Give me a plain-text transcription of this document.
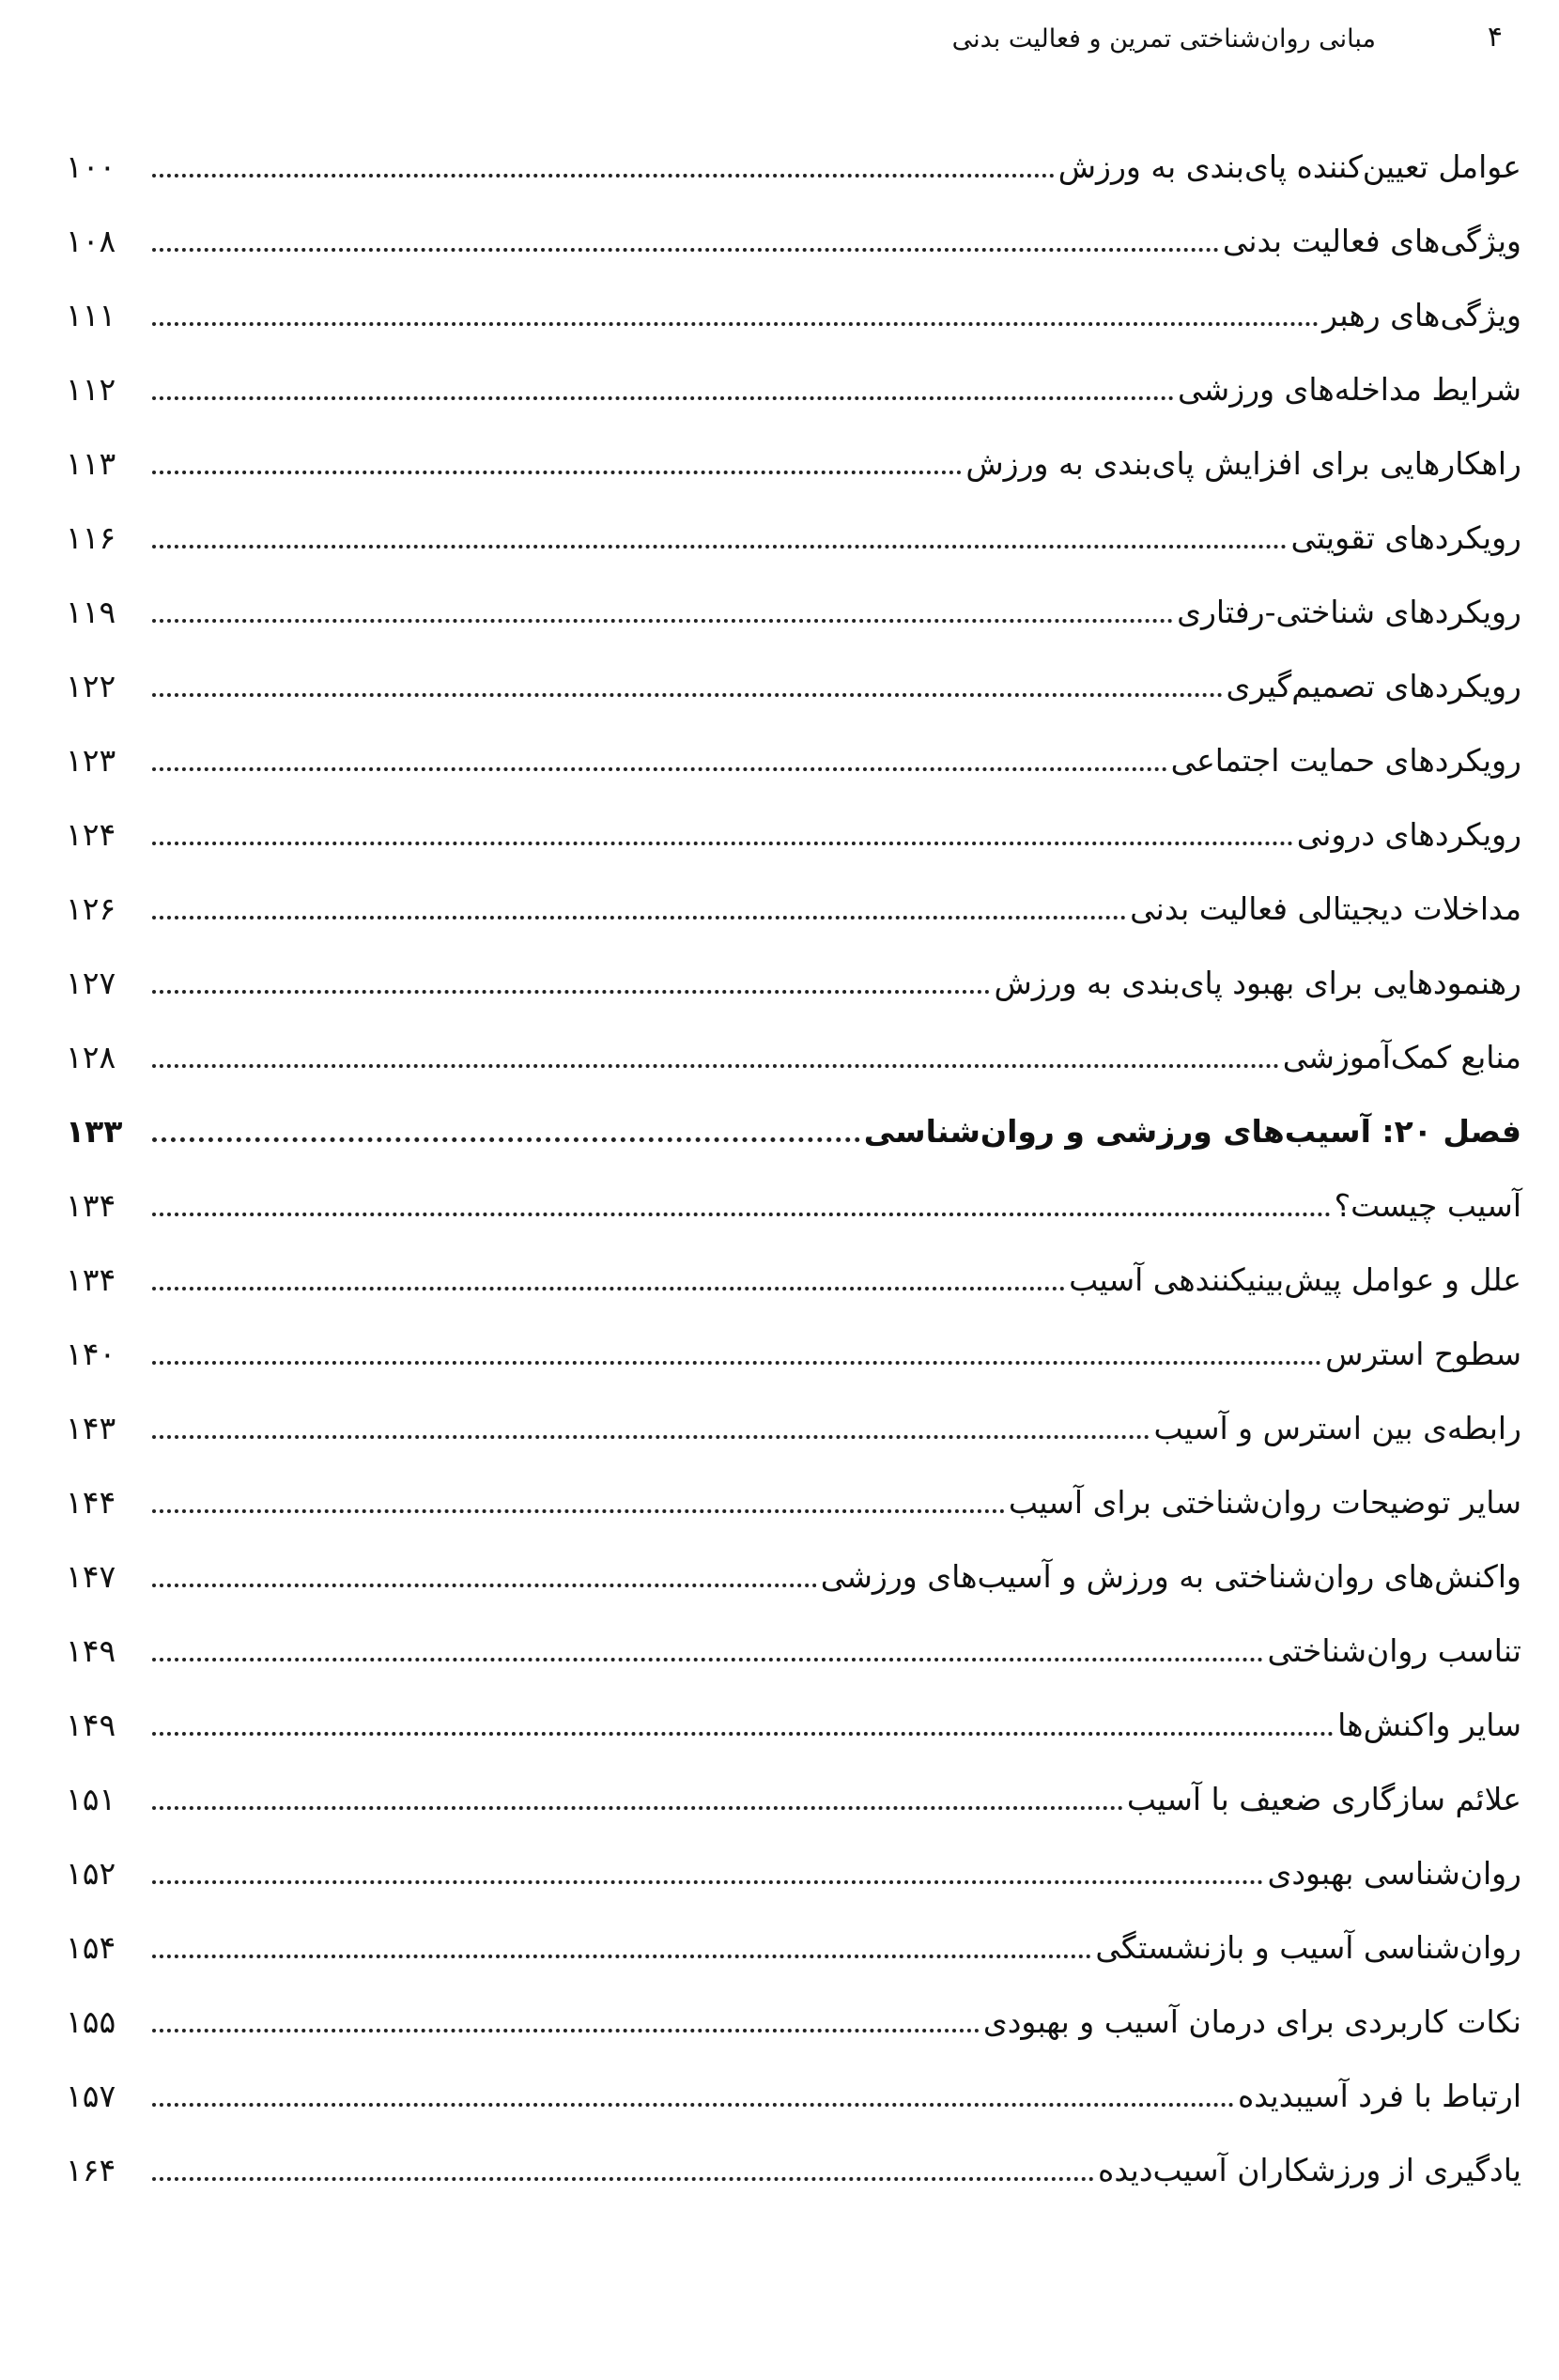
۴
مبانی روان‌شناختی تمرین و فعالیت بدنی
عوامل تعیین‌کننده پای‌بندی به ورزش
۱۰۰
ویژگی‌های فعالیت بدنی
۱۰۸
ویژگی‌های رهبر
۱۱۱
شرایط مداخله‌های ورزشی
۱۱۲
راهکارهایی برای افزایش پای‌بندی به ورزش
۱۱۳
رویکردهای تقویتی
۱۱۶
رویکردهای شناختی-رفتاری
۱۱۹
رویکردهای تصمیم‌گیری
۱۲۲
رویکردهای حمایت اجتماعی
۱۲۳
رویکردهای درونی
۱۲۴
مداخلات دیجیتالی فعالیت بدنی
۱۲۶
رهنمودهایی برای بهبود پای‌بندی به ورزش
۱۲۷
منابع کمک‌آموزشی
۱۲۸
فصل ۲۰: آسیب‌های ورزشی و روان‌شناسی
۱۳۳
آسیب چیست؟
۱۳۴
علل و عوامل پیش‌بینیکنندهی آسیب
۱۳۴
سطوح استرس
۱۴۰
رابطه‌ی بین استرس و آسیب
۱۴۳
سایر توضیحات روان‌شناختی برای آسیب
۱۴۴
واکنش‌های روان‌شناختی به ورزش و آسیب‌های ورزشی
۱۴۷
تناسب روان‌شناختی
۱۴۹
سایر واکنش‌ها
۱۴۹
علائم سازگاری ضعیف با آسیب
۱۵۱
روان‌شناسی بهبودی
۱۵۲
روان‌شناسی آسیب و بازنشستگی
۱۵۴
نکات کاربردی برای درمان آسیب و بهبودی
۱۵۵
ارتباط با فرد آسیبدیده
۱۵۷
یادگیری از ورزشکاران آسیب‌دیده
۱۶۴
